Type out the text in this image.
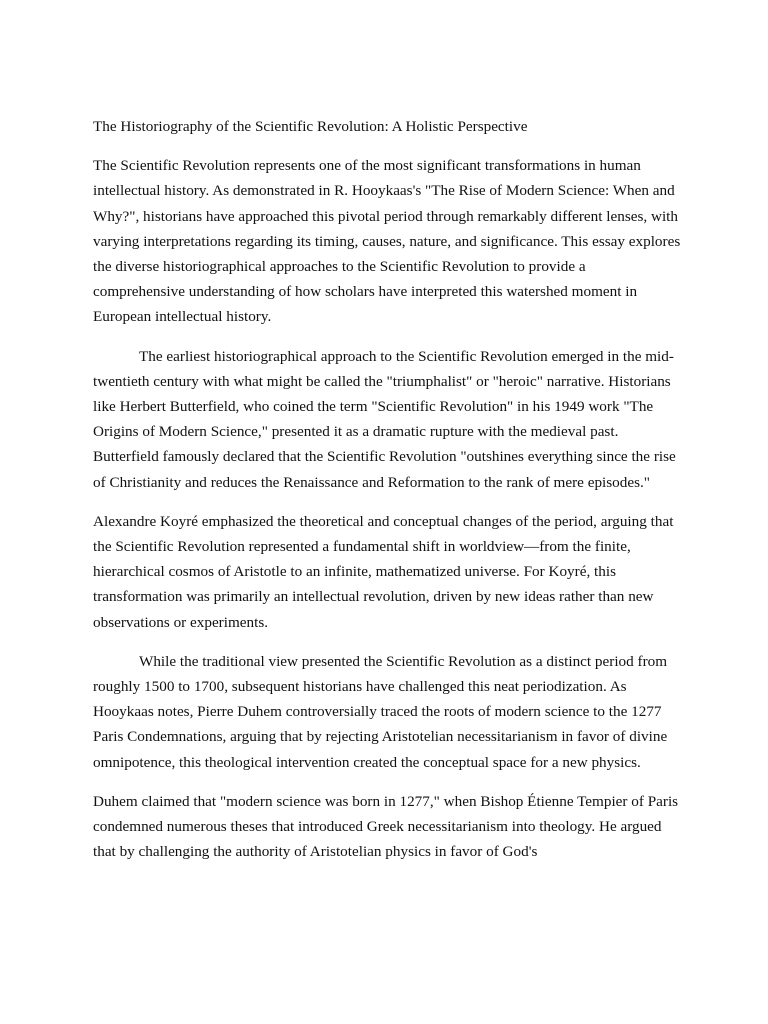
The Historiography of the Scientific Revolution: A Holistic Perspective

The Scientific Revolution represents one of the most significant transformations in human intellectual history. As demonstrated in R. Hooykaas's "The Rise of Modern Science: When and Why?", historians have approached this pivotal period through remarkably different lenses, with varying interpretations regarding its timing, causes, nature, and significance. This essay explores the diverse historiographical approaches to the Scientific Revolution to provide a comprehensive understanding of how scholars have interpreted this watershed moment in European intellectual history.

The earliest historiographical approach to the Scientific Revolution emerged in the mid-twentieth century with what might be called the "triumphalist" or "heroic" narrative. Historians like Herbert Butterfield, who coined the term "Scientific Revolution" in his 1949 work "The Origins of Modern Science," presented it as a dramatic rupture with the medieval past. Butterfield famously declared that the Scientific Revolution "outshines everything since the rise of Christianity and reduces the Renaissance and Reformation to the rank of mere episodes."

Alexandre Koyré emphasized the theoretical and conceptual changes of the period, arguing that the Scientific Revolution represented a fundamental shift in worldview—from the finite, hierarchical cosmos of Aristotle to an infinite, mathematized universe. For Koyré, this transformation was primarily an intellectual revolution, driven by new ideas rather than new observations or experiments.

While the traditional view presented the Scientific Revolution as a distinct period from roughly 1500 to 1700, subsequent historians have challenged this neat periodization. As Hooykaas notes, Pierre Duhem controversially traced the roots of modern science to the 1277 Paris Condemnations, arguing that by rejecting Aristotelian necessitarianism in favor of divine omnipotence, this theological intervention created the conceptual space for a new physics.

Duhem claimed that "modern science was born in 1277," when Bishop Étienne Tempier of Paris condemned numerous theses that introduced Greek necessitarianism into theology. He argued that by challenging the authority of Aristotelian physics in favor of God's
